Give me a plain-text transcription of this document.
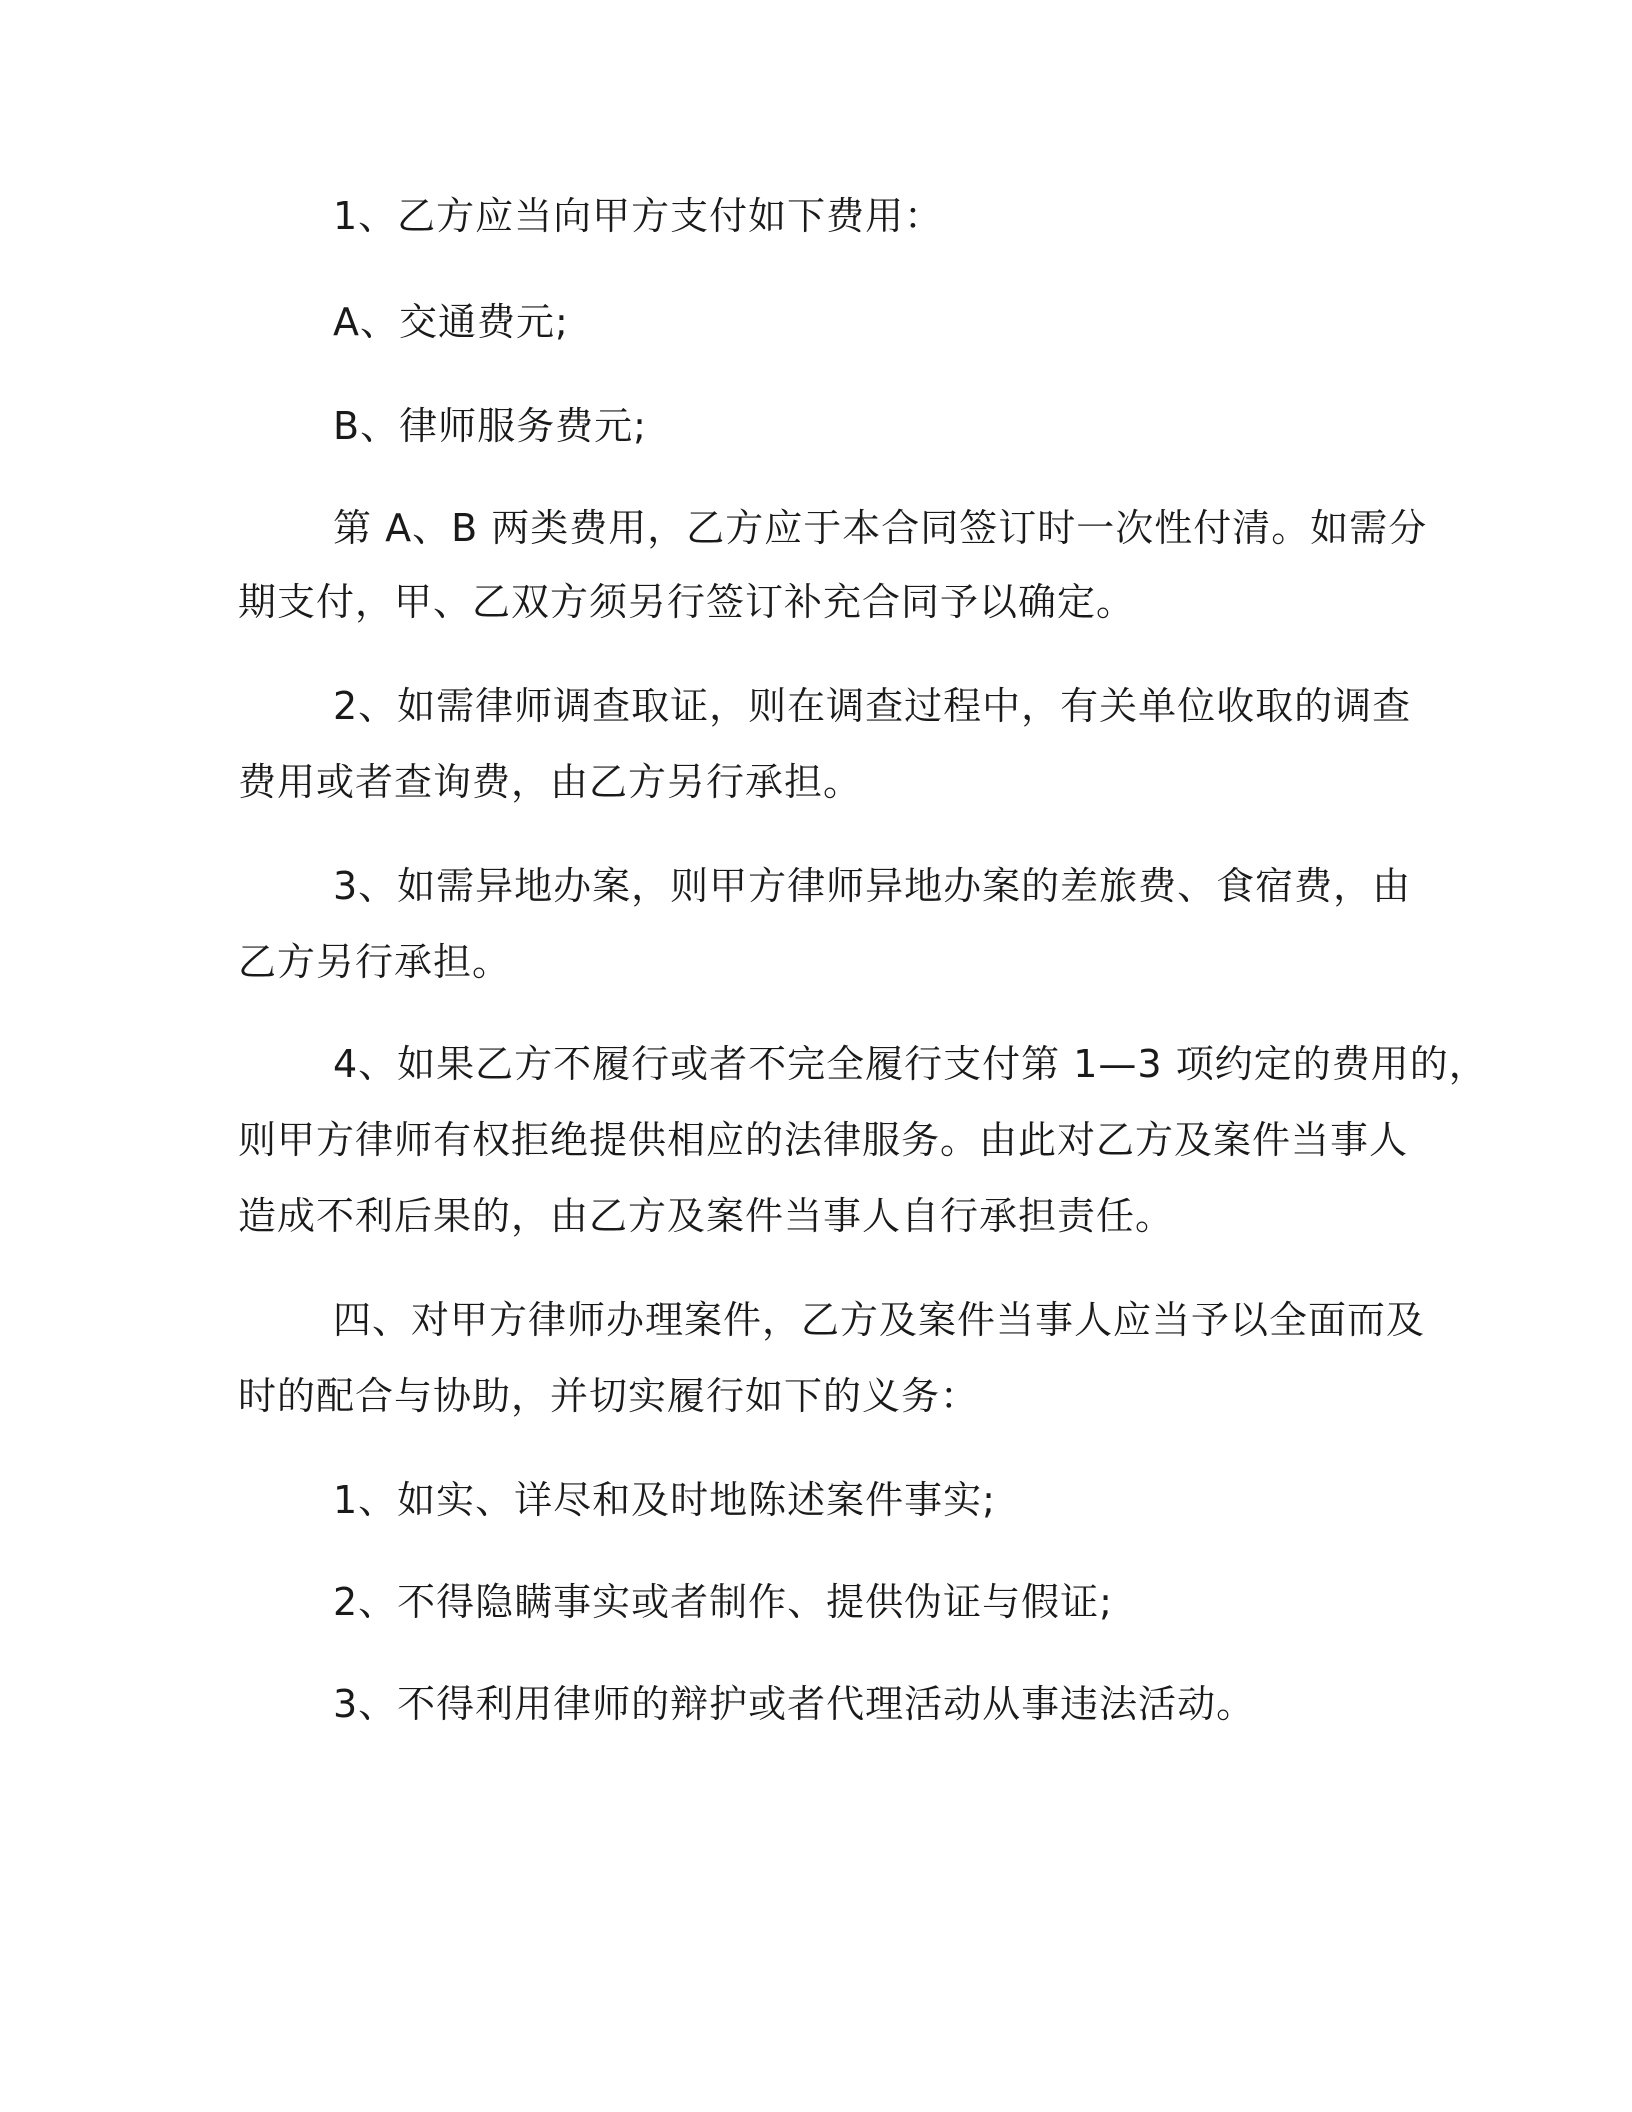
1、乙方应当向甲方支付如下费用：
A、交通费元;
B、律师服务费元;
第 A、B 两类费用，乙方应于本合同签订时一次性付清。如需分
期支付，甲、乙双方须另行签订补充合同予以确定。
2、如需律师调查取证，则在调查过程中，有关单位收取的调查
费用或者查询费，由乙方另行承担。
3、如需异地办案，则甲方律师异地办案的差旅费、食宿费，由
乙方另行承担。
4、如果乙方不履行或者不完全履行支付第 1—3 项约定的费用的，
则甲方律师有权拒绝提供相应的法律服务。由此对乙方及案件当事人
造成不利后果的，由乙方及案件当事人自行承担责任。
四、对甲方律师办理案件，乙方及案件当事人应当予以全面而及
时的配合与协助，并切实履行如下的义务：
1、如实、详尽和及时地陈述案件事实;
2、不得隐瞒事实或者制作、提供伪证与假证;
3、不得利用律师的辩护或者代理活动从事违法活动。
